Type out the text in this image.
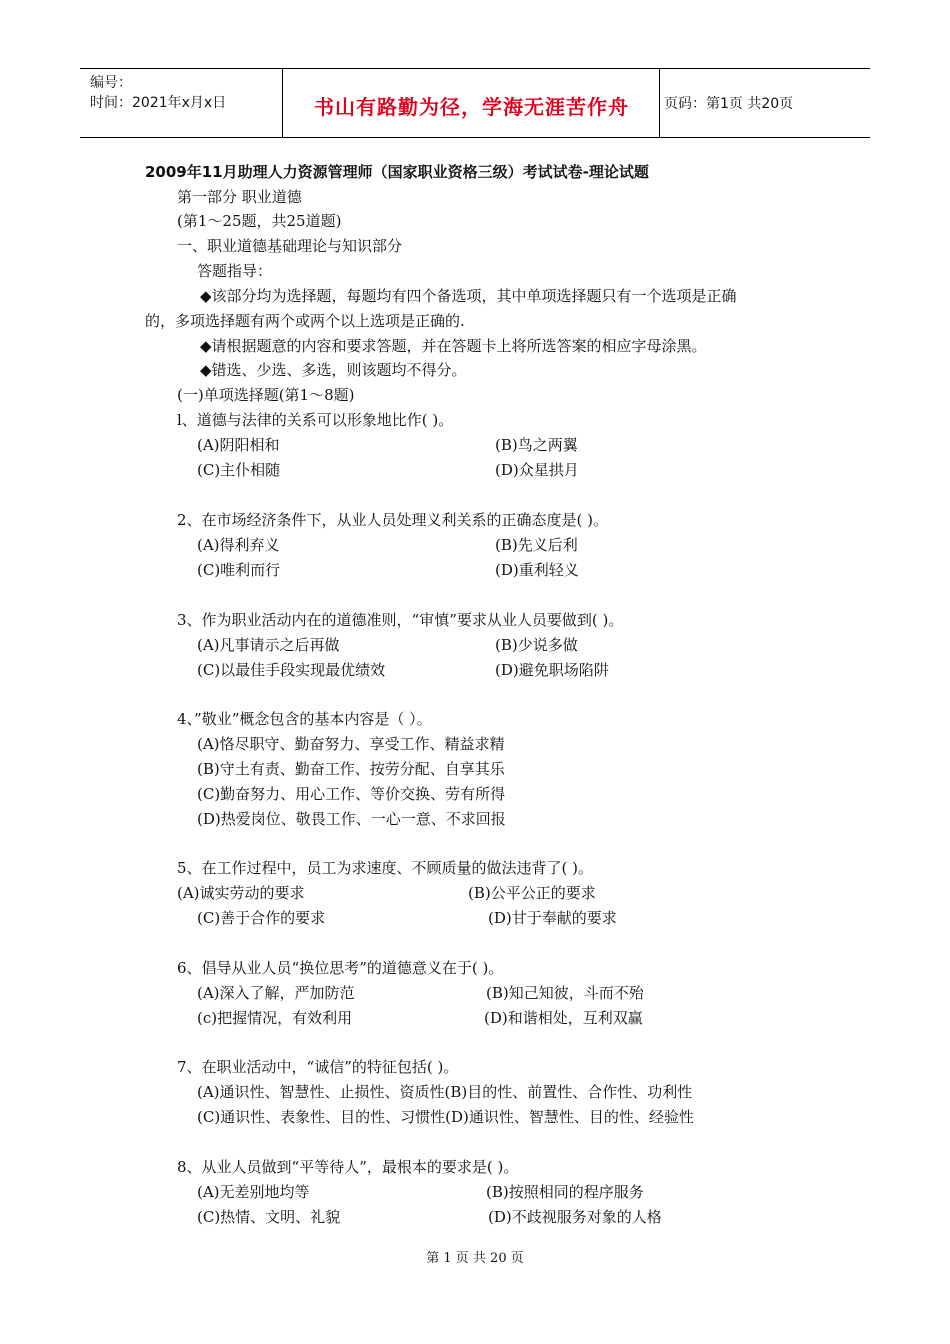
编号：
时间：2021年x月x日	书山有路勤为径，学海无涯苦作舟	页码：第1页 共20页
2009年11月助理人力资源管理师（国家职业资格三级）考试试卷-理论试题
第一部分 职业道德
(第1～25题，共25道题)
一、职业道德基础理论与知识部分
答题指导：
◆该部分均为选择题，每题均有四个备选项，其中单项选择题只有一个选项是正确
的，多项选择题有两个或两个以上选项是正确的.
◆请根据题意的内容和要求答题，并在答题卡上将所选答案的相应字母涂黑。
◆错选、少选、多选，则该题均不得分。
(一)单项选择题(第1～8题)
l、道德与法律的关系可以形象地比作( )。
(A)阴阳相和	(B)鸟之两翼
(C)主仆相随	(D)众星拱月
2、在市场经济条件下，从业人员处理义利关系的正确态度是( )。
(A)得利弃义	(B)先义后利
(C)唯利而行	(D)重利轻义
3、作为职业活动内在的道德准则，“审慎”要求从业人员要做到( )。
(A)凡事请示之后再做	(B)少说多做
(C)以最佳手段实现最优绩效	(D)避免职场陷阱
4、”敬业”概念包含的基本内容是（ ）。
(A)恪尽职守、勤奋努力、享受工作、精益求精
(B)守土有责、勤奋工作、按劳分配、自享其乐
(C)勤奋努力、用心工作、等价交换、劳有所得
(D)热爱岗位、敬畏工作、一心一意、不求回报
5、在工作过程中，员工为求速度、不顾质量的做法违背了( )。
(A)诚实劳动的要求	(B)公平公正的要求
(C)善于合作的要求	(D)甘于奉献的要求
6、倡导从业人员“换位思考”的道德意义在于( )。
(A)深入了解，严加防范	(B)知己知彼，斗而不殆
(c)把握情况，有效利用	(D)和谐相处，互利双赢
7、在职业活动中，“诚信”的特征包括( )。
(A)通识性、智慧性、止损性、资质性(B)目的性、前置性、合作性、功利性
(C)通识性、表象性、目的性、习惯性(D)通识性、智慧性、目的性、经验性
8、从业人员做到“平等待人”，最根本的要求是( )。
(A)无差别地均等	(B)按照相同的程序服务
(C)热情、文明、礼貌	(D)不歧视服务对象的人格
第 1 页 共 20 页
